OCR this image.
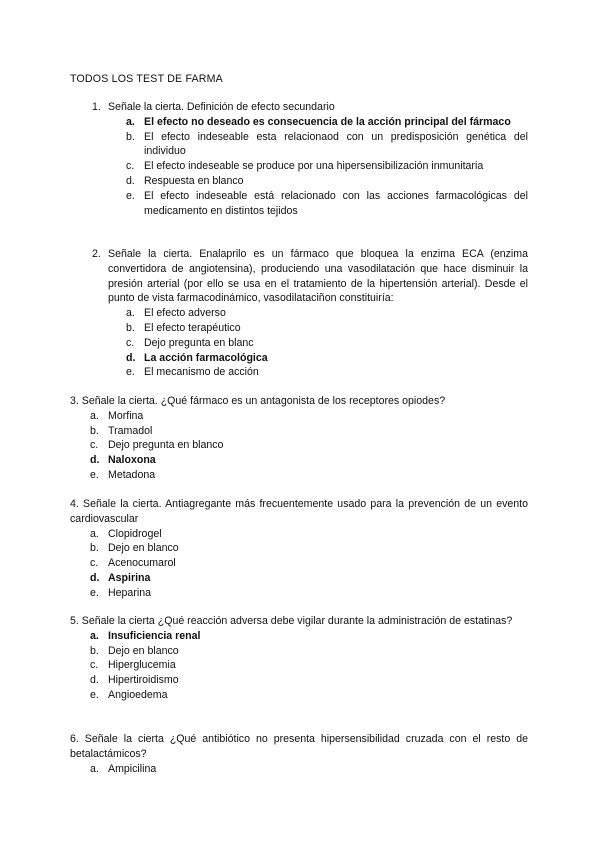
TODOS LOS TEST DE FARMA
1. Señale la cierta. Definición de efecto secundario
a. El efecto no deseado es consecuencia de la acción principal del fármaco
b. El efecto indeseable esta relacionaod con un predisposición genética del individuo
c. El efecto indeseable se produce por una hipersensibilización inmunitaria
d. Respuesta en blanco
e. El efecto indeseable está relacionado con las acciones farmacológicas del medicamento en distintos tejidos
2. Señale la cierta. Enalaprilo es un fármaco que bloquea la enzima ECA (enzima convertidora de angiotensina), produciendo una vasodilatación que hace disminuir la presión arterial (por ello se usa en el tratamiento de la hipertensión arterial). Desde el punto de vista farmacodinámico, vasodilataciñon constituiría:
a. El efecto adverso
b. El efecto terapéutico
c. Dejo pregunta en blanc
d. La acción farmacológica
e. El mecanismo de acción
3. Señale la cierta. ¿Qué fármaco es un antagonista de los receptores opiodes?
a. Morfina
b. Tramadol
c. Dejo pregunta en blanco
d. Naloxona
e. Metadona
4. Señale la cierta. Antiagregante más frecuentemente usado para la prevención de un evento cardiovascular
a. Clopidrogel
b. Dejo en blanco
c. Acenocumarol
d. Aspirina
e. Heparina
5. Señale la cierta ¿Qué reacción adversa debe vigilar durante la administración de estatinas?
a. Insuficiencia renal
b. Dejo en blanco
c. Hiperglucemia
d. Hipertiroidismo
e. Angioedema
6. Señale la cierta ¿Qué antibiótico no presenta hipersensibilidad cruzada con el resto de betalactámicos?
a. Ampicilina
